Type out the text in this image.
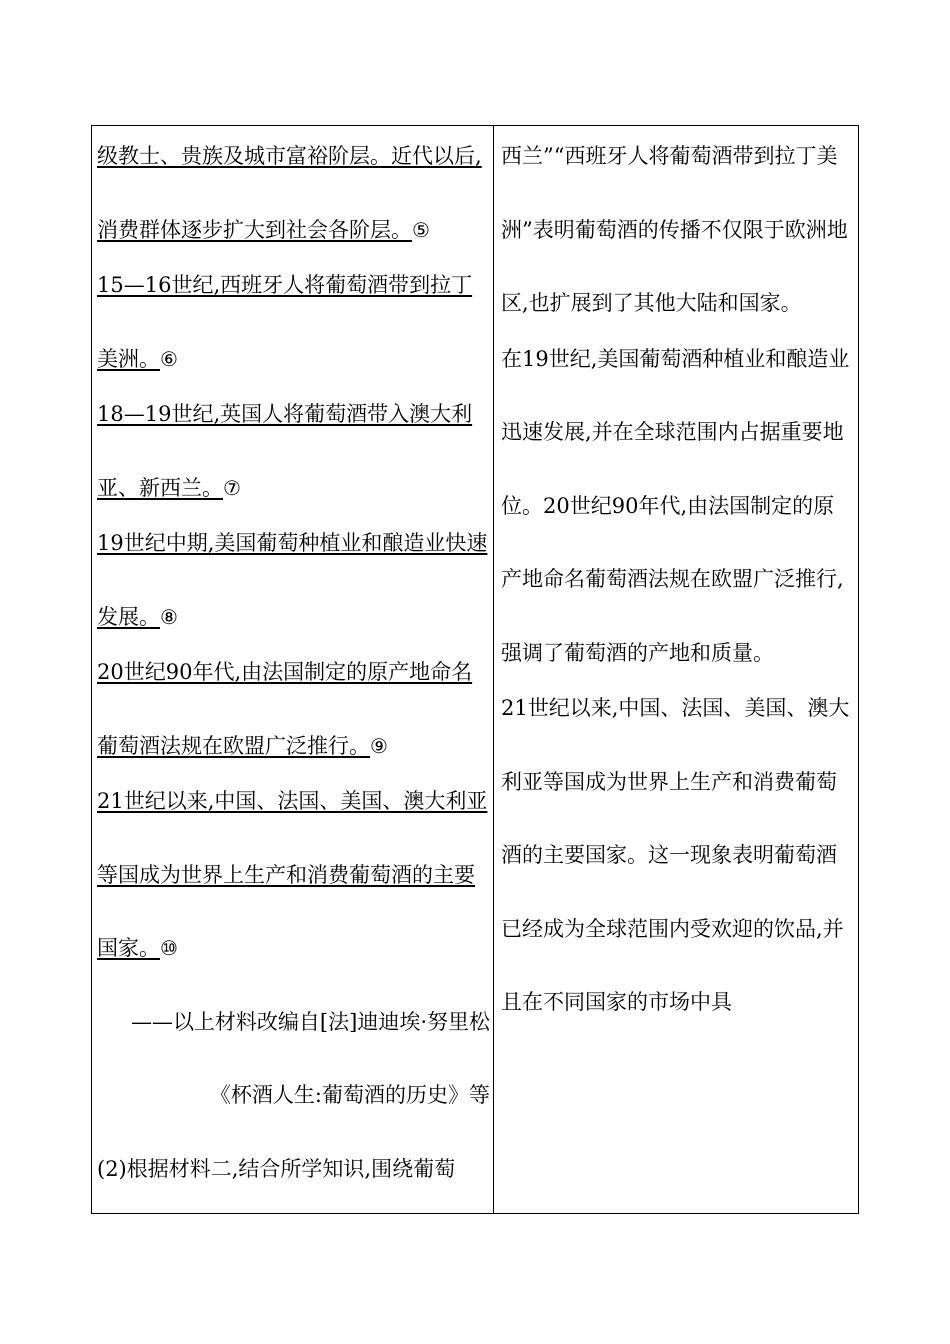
级教士、贵族及城市富裕阶层。近代以后,消费群体逐步扩大到社会各阶层。⑤

15—16世纪,西班牙人将葡萄酒带到拉丁美洲。⑥

18—19世纪,英国人将葡萄酒带入澳大利亚、新西兰。⑦

19世纪中期,美国葡萄种植业和酿造业快速发展。⑧

20世纪90年代,由法国制定的原产地命名葡萄酒法规在欧盟广泛推行。⑨

21世纪以来,中国、法国、美国、澳大利亚等国成为世界上生产和消费葡萄酒的主要国家。⑩

——以上材料改编自[法]迪迪埃·努里松《杯酒人生:葡萄酒的历史》等

(2)根据材料二,结合所学知识,围绕葡萄

西兰”“西班牙人将葡萄酒带到拉丁美洲”表明葡萄酒的传播不仅限于欧洲地区,也扩展到了其他大陆和国家。

在19世纪,美国葡萄酒种植业和酿造业迅速发展,并在全球范围内占据重要地位。20世纪90年代,由法国制定的原产地命名葡萄酒法规在欧盟广泛推行,强调了葡萄酒的产地和质量。

21世纪以来,中国、法国、美国、澳大利亚等国成为世界上生产和消费葡萄酒的主要国家。这一现象表明葡萄酒已经成为全球范围内受欢迎的饮品,并且在不同国家的市场中具
